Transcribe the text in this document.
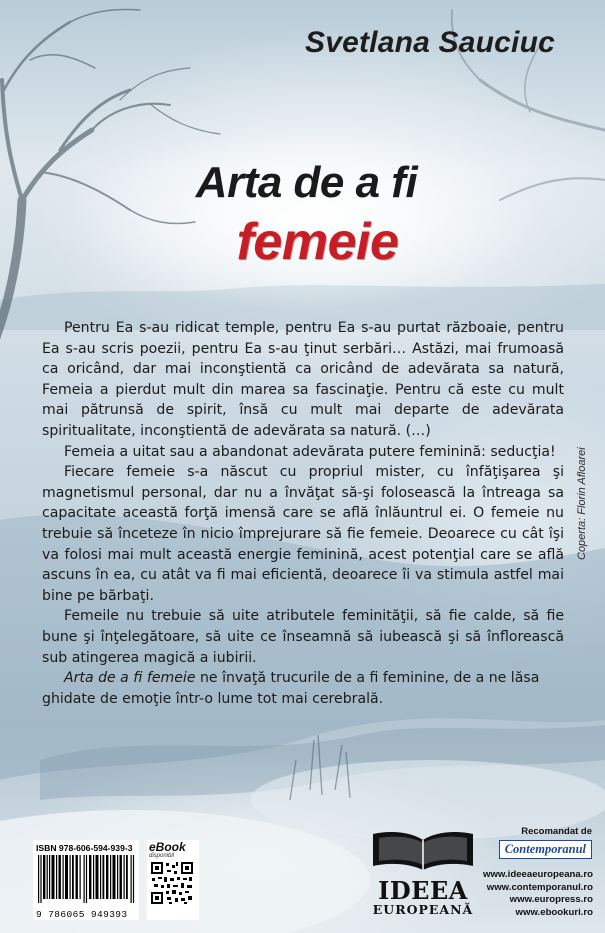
Svetlana Sauciuc
Arta de a fi
femeie

Pentru Ea s-au ridicat temple, pentru Ea s-au purtat războaie, pentru Ea s-au scris poezii, pentru Ea s-au ţinut serbări… Astăzi, mai frumoasă ca oricând, dar mai inconştientă ca oricând de adevărata sa natură, Femeia a pierdut mult din marea sa fascinaţie. Pentru că este cu mult mai pătrunsă de spirit, însă cu mult mai departe de adevărata spiritualitate, inconştientă de adevărata sa natură. (…)

Femeia a uitat sau a abandonat adevărata putere feminină: seducţia!

Fiecare femeie s-a născut cu propriul mister, cu înfăţişarea şi magnetismul personal, dar nu a învăţat să-şi folosească la întreaga sa capacitate această forţă imensă care se află înlăuntrul ei. O femeie nu trebuie să înceteze în nicio împrejurare să fie femeie. Deoarece cu cât îşi va folosi mai mult această energie feminină, acest potenţial care se află ascuns în ea, cu atât va fi mai eficientă, deoarece îi va stimula astfel mai bine pe bărbaţi.

Femeile nu trebuie să uite atributele feminităţii, să fie calde, să fie bune şi înţelegătoare, să uite ce înseamnă să iubească şi să înflorească sub atingerea magică a iubirii.

Arta de a fi femeie ne învaţă trucurile de a fi feminine, de a ne lăsa ghidate de emoţie într-o lume tot mai cerebrală.

Coperta: Florin Afloarei
ISBN 978-606-594-939-3
9 786065 949393
eBook
disponibil
IDEEA
EUROPEANĂ
Recomandat de
Contemporanul
www.ideeaeuropeana.ro
www.contemporanul.ro
www.europress.ro
www.ebookuri.ro
